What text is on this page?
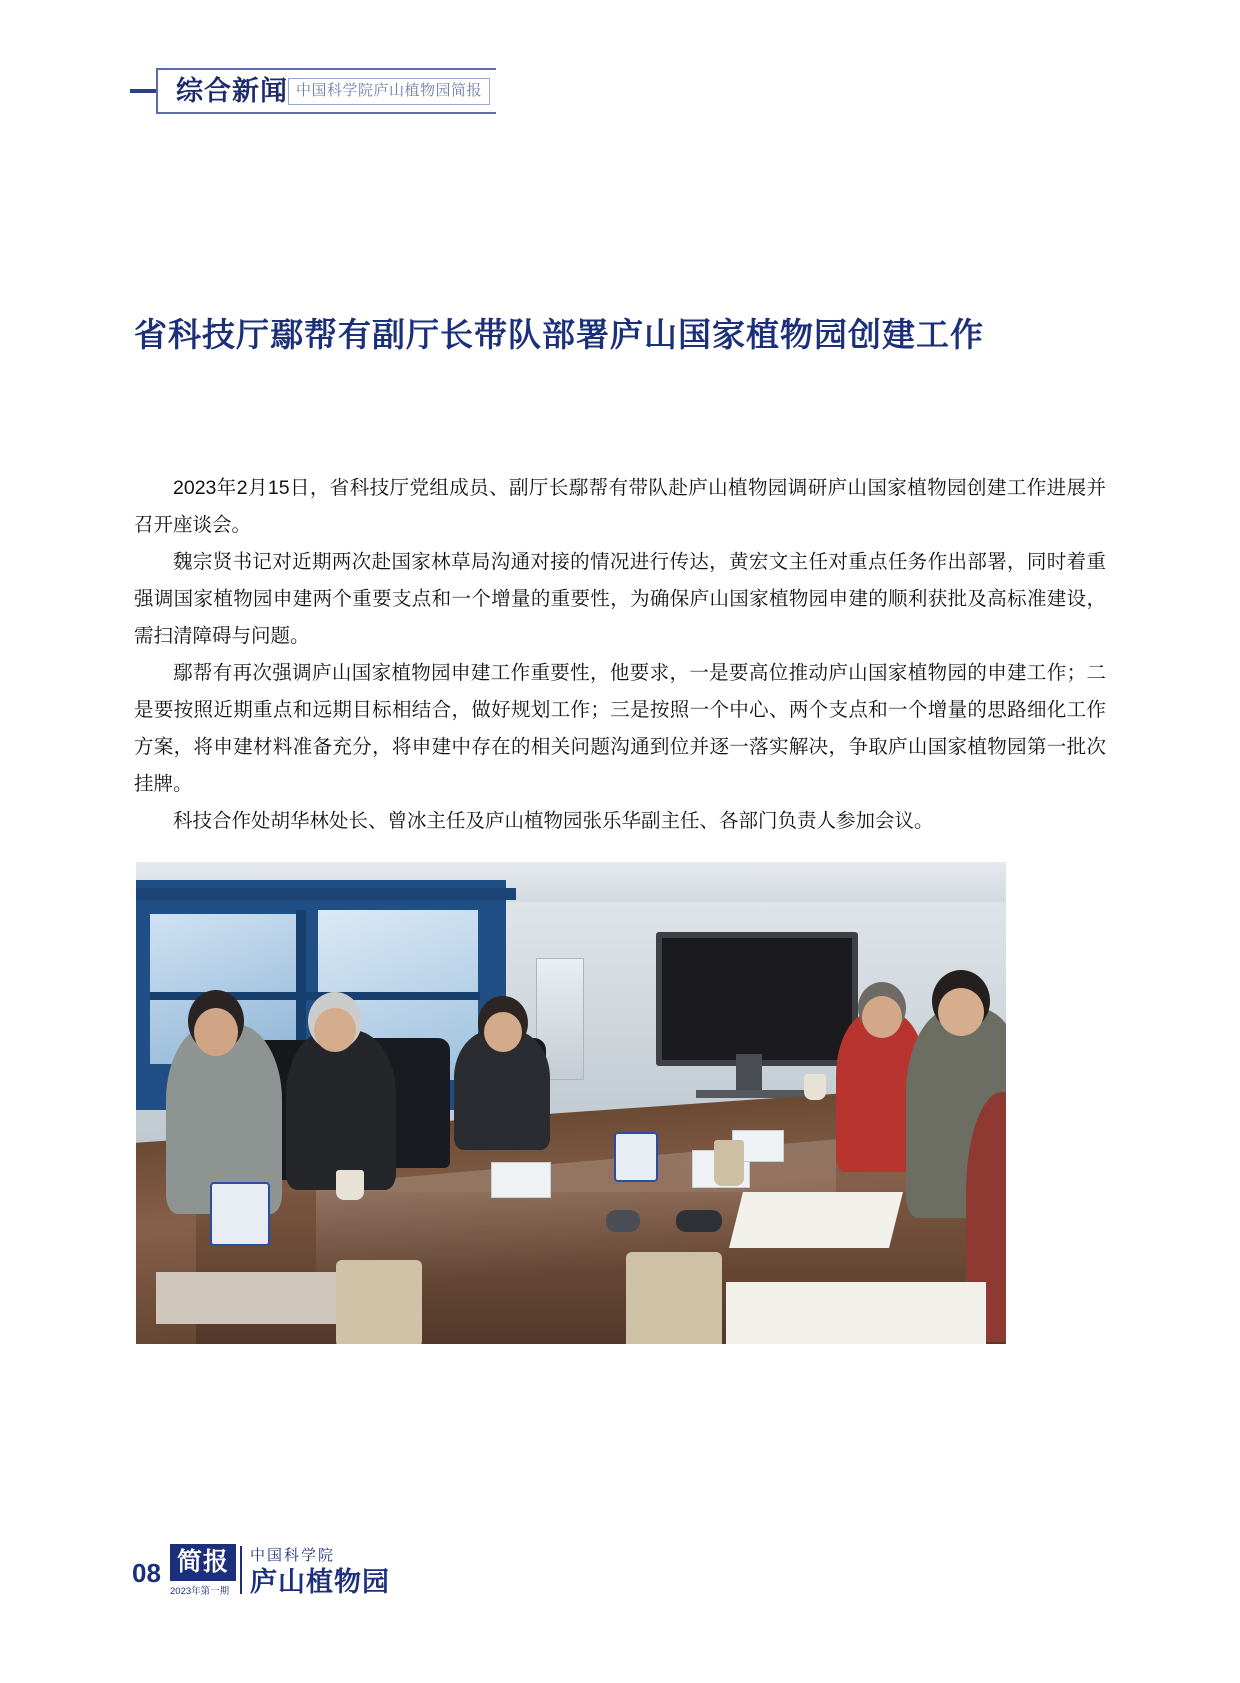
综合新闻 中国科学院庐山植物园简报
省科技厅鄢帮有副厅长带队部署庐山国家植物园创建工作

2023年2月15日，省科技厅党组成员、副厅长鄢帮有带队赴庐山植物园调研庐山国家植物园创建工作进展并召开座谈会。

魏宗贤书记对近期两次赴国家林草局沟通对接的情况进行传达，黄宏文主任对重点任务作出部署，同时着重强调国家植物园申建两个重要支点和一个增量的重要性，为确保庐山国家植物园申建的顺利获批及高标准建设，需扫清障碍与问题。

鄢帮有再次强调庐山国家植物园申建工作重要性，他要求，一是要高位推动庐山国家植物园的申建工作；二是要按照近期重点和远期目标相结合，做好规划工作；三是按照一个中心、两个支点和一个增量的思路细化工作方案，将申建材料准备充分，将申建中存在的相关问题沟通到位并逐一落实解决，争取庐山国家植物园第一批次挂牌。

科技合作处胡华林处长、曾冰主任及庐山植物园张乐华副主任、各部门负责人参加会议。

08 简报
2023年第一期
中国科学院
庐山植物园
